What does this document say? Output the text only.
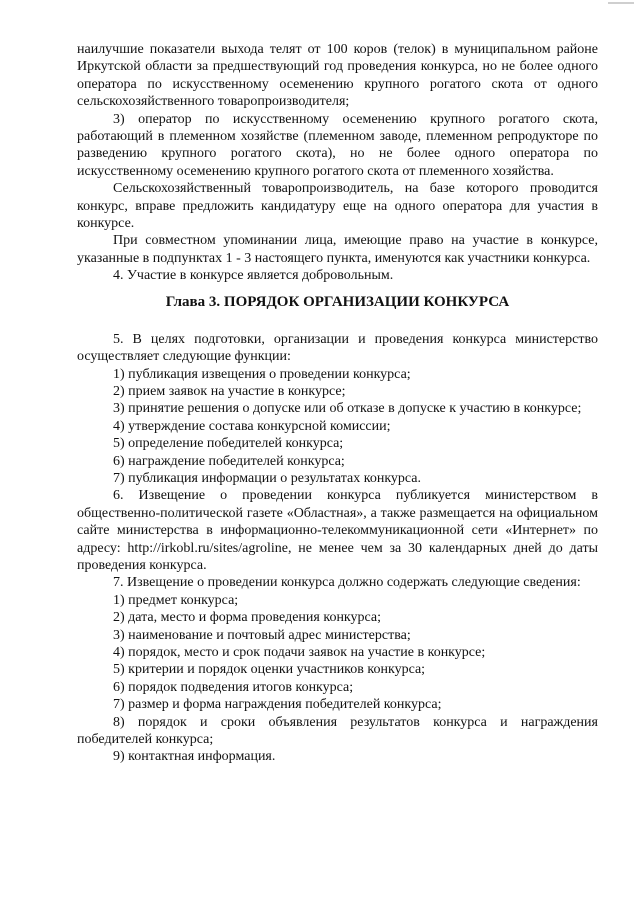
наилучшие показатели выхода телят от 100 коров (телок) в муниципальном районе Иркутской области за предшествующий год проведения конкурса, но не более одного оператора по искусственному осеменению крупного рогатого скота от одного сельскохозяйственного товаропроизводителя;

3) оператор по искусственному осеменению крупного рогатого скота, работающий в племенном хозяйстве (племенном заводе, племенном репродукторе по разведению крупного рогатого скота), но не более одного оператора по искусственному осеменению крупного рогатого скота от племенного хозяйства.

Сельскохозяйственный товаропроизводитель, на базе которого проводится конкурс, вправе предложить кандидатуру еще на одного оператора для участия в конкурсе.

При совместном упоминании лица, имеющие право на участие в конкурсе, указанные в подпунктах 1 - 3 настоящего пункта, именуются как участники конкурса.

4. Участие в конкурсе является добровольным.

Глава 3. ПОРЯДОК ОРГАНИЗАЦИИ КОНКУРСА

5. В целях подготовки, организации и проведения конкурса министерство осуществляет следующие функции:

1) публикация извещения о проведении конкурса;

2) прием заявок на участие в конкурсе;

3) принятие решения о допуске или об отказе в допуске к участию в конкурсе;

4) утверждение состава конкурсной комиссии;

5) определение победителей конкурса;

6) награждение победителей конкурса;

7) публикация информации о результатах конкурса.

6. Извещение о проведении конкурса публикуется министерством в общественно-политической газете «Областная», а также размещается на официальном сайте министерства в информационно-телекоммуникационной сети «Интернет» по адресу: http://irkobl.ru/sites/agroline, не менее чем за 30 календарных дней до даты проведения конкурса.

7. Извещение о проведении конкурса должно содержать следующие сведения:

1) предмет конкурса;

2) дата, место и форма проведения конкурса;

3) наименование и почтовый адрес министерства;

4) порядок, место и срок подачи заявок на участие в конкурсе;

5) критерии и порядок оценки участников конкурса;

6) порядок подведения итогов конкурса;

7) размер и форма награждения победителей конкурса;

8) порядок и сроки объявления результатов конкурса и награждения победителей конкурса;

9) контактная информация.
